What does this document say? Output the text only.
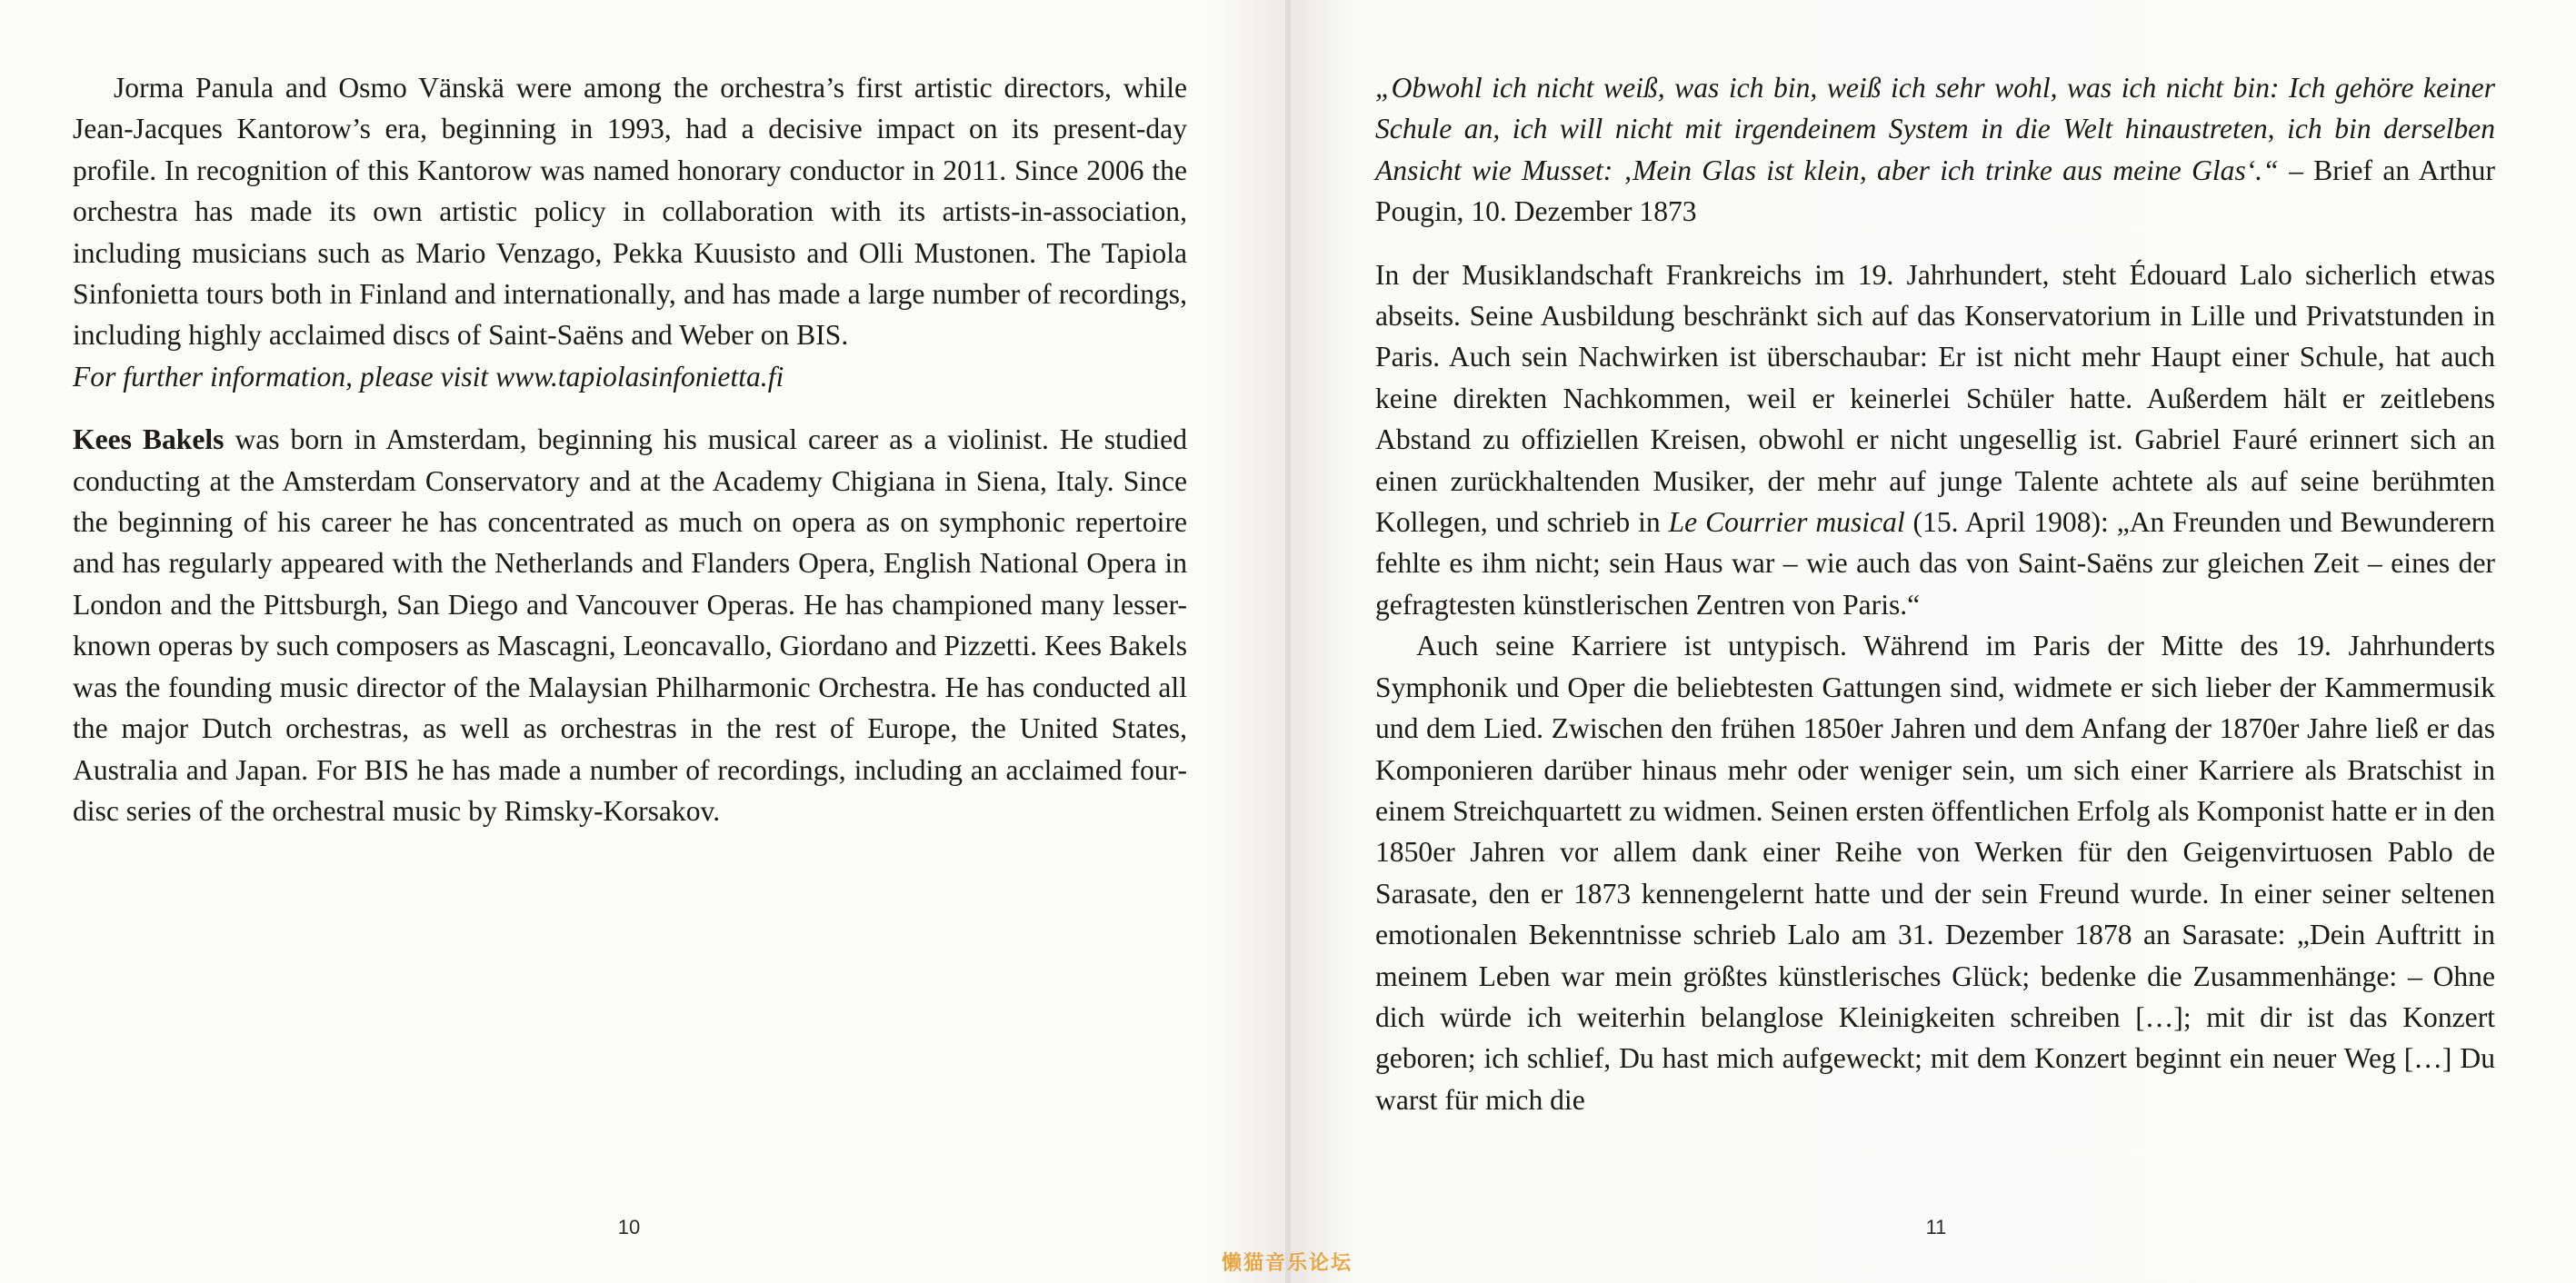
Jorma Panula and Osmo Vänskä were among the orchestra’s first artistic directors, while Jean-Jacques Kantorow’s era, beginning in 1993, had a decisive impact on its present-day profile. In recognition of this Kantorow was named honorary conductor in 2011. Since 2006 the orchestra has made its own artistic policy in collaboration with its artists-in-association, including musicians such as Mario Venzago, Pekka Kuusisto and Olli Mustonen. The Tapiola Sinfonietta tours both in Finland and internationally, and has made a large number of recordings, including highly acclaimed discs of Saint-Saëns and Weber on BIS.

For further information, please visit www.tapiolasinfonietta.fi

Kees Bakels was born in Amsterdam, beginning his musical career as a violinist. He studied conducting at the Amsterdam Conservatory and at the Academy Chigiana in Siena, Italy. Since the beginning of his career he has concentrated as much on opera as on symphonic repertoire and has regularly appeared with the Netherlands and Flanders Opera, English National Opera in London and the Pittsburgh, San Diego and Vancouver Operas. He has championed many lesser-known operas by such composers as Mascagni, Leoncavallo, Giordano and Pizzetti. Kees Bakels was the founding music director of the Malaysian Philharmonic Orchestra. He has conducted all the major Dutch orchestras, as well as orchestras in the rest of Europe, the United States, Australia and Japan. For BIS he has made a number of recordings, including an acclaimed four-disc series of the orchestral music by Rimsky-Korsakov.

„Obwohl ich nicht weiß, was ich bin, weiß ich sehr wohl, was ich nicht bin: Ich gehöre keiner Schule an, ich will nicht mit irgendeinem System in die Welt hinaustreten, ich bin derselben Ansicht wie Musset: ‚Mein Glas ist klein, aber ich trinke aus meine Glas‘.“ – Brief an Arthur Pougin, 10. Dezember 1873

In der Musiklandschaft Frankreichs im 19. Jahrhundert, steht Édouard Lalo sicherlich etwas abseits. Seine Ausbildung beschränkt sich auf das Konservatorium in Lille und Privatstunden in Paris. Auch sein Nachwirken ist überschaubar: Er ist nicht mehr Haupt einer Schule, hat auch keine direkten Nachkommen, weil er keinerlei Schüler hatte. Außerdem hält er zeitlebens Abstand zu offiziellen Kreisen, obwohl er nicht ungesellig ist. Gabriel Fauré erinnert sich an einen zurückhaltenden Musiker, der mehr auf junge Talente achtete als auf seine berühmten Kollegen, und schrieb in Le Courrier musical (15. April 1908): „An Freunden und Bewunderern fehlte es ihm nicht; sein Haus war – wie auch das von Saint-Saëns zur gleichen Zeit – eines der gefragtesten künstlerischen Zentren von Paris.“

Auch seine Karriere ist untypisch. Während im Paris der Mitte des 19. Jahrhunderts Symphonik und Oper die beliebtesten Gattungen sind, widmete er sich lieber der Kammermusik und dem Lied. Zwischen den frühen 1850er Jahren und dem Anfang der 1870er Jahre ließ er das Komponieren darüber hinaus mehr oder weniger sein, um sich einer Karriere als Bratschist in einem Streichquartett zu widmen. Seinen ersten öffentlichen Erfolg als Komponist hatte er in den 1850er Jahren vor allem dank einer Reihe von Werken für den Geigenvirtuosen Pablo de Sarasate, den er 1873 kennengelernt hatte und der sein Freund wurde. In einer seiner seltenen emotionalen Bekenntnisse schrieb Lalo am 31. Dezember 1878 an Sarasate: „Dein Auftritt in meinem Leben war mein größtes künstlerisches Glück; bedenke die Zusammenhänge: – Ohne dich würde ich weiterhin belanglose Kleinigkeiten schreiben […]; mit dir ist das Konzert geboren; ich schlief, Du hast mich aufgeweckt; mit dem Konzert beginnt ein neuer Weg […] Du warst für mich die

10	11
懒猫音乐论坛
